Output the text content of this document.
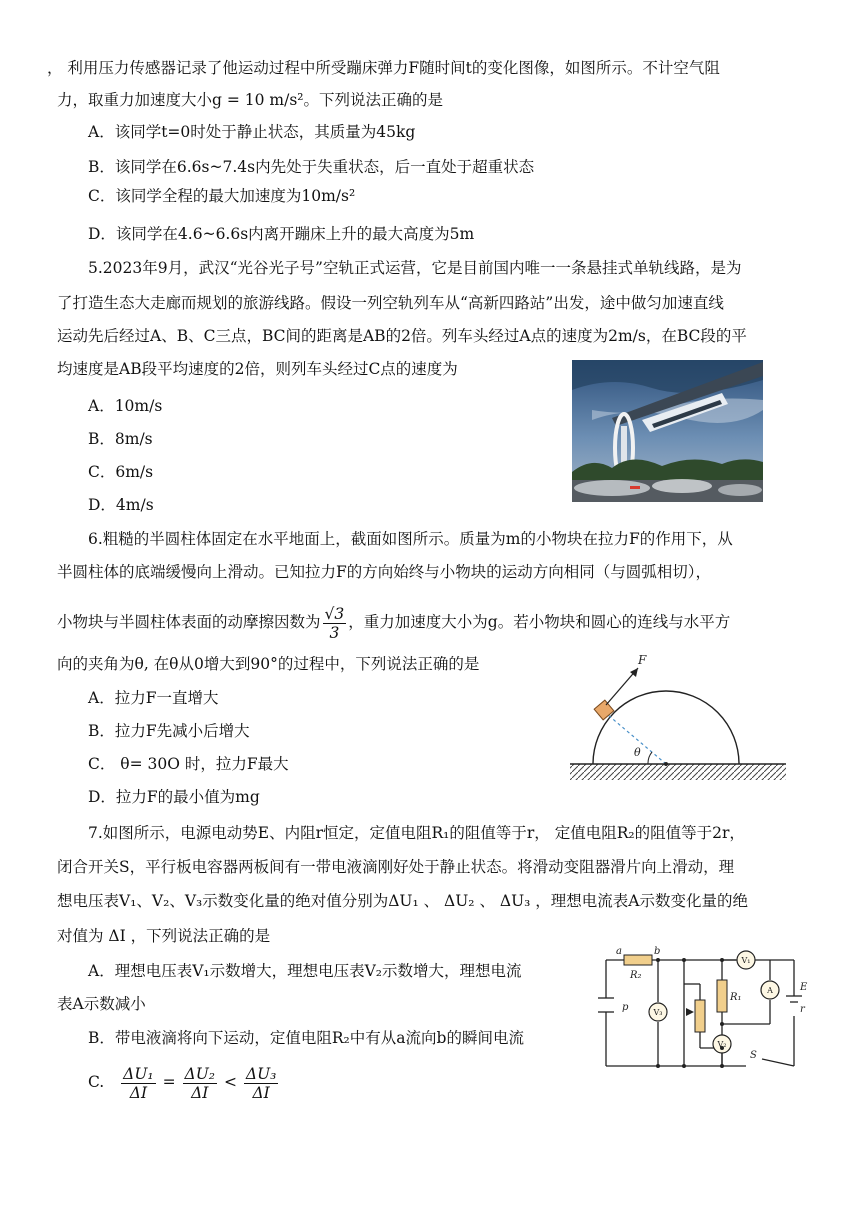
， 利用压力传感器记录了他运动过程中所受蹦床弹力F随时间t的变化图像，如图所示。不计空气阻
力，取重力加速度大小g = 10 m/s²。下列说法正确的是
A．该同学t=0时处于静止状态，其质量为45kg
B．该同学在6.6s~7.4s内先处于失重状态，后一直处于超重状态
C．该同学全程的最大加速度为10m/s²
D．该同学在4.6~6.6s内离开蹦床上升的最大高度为5m
5.2023年9月，武汉“光谷光子号”空轨正式运营，它是目前国内唯一一条悬挂式单轨线路，是为
了打造生态大走廊而规划的旅游线路。假设一列空轨列车从“高新四路站”出发，途中做匀加速直线
运动先后经过A、B、C三点，BC间的距离是AB的2倍。列车头经过A点的速度为2m/s，在BC段的平
均速度是AB段平均速度的2倍，则列车头经过C点的速度为
A．10m/s
B．8m/s
C．6m/s
D．4m/s
6.粗糙的半圆柱体固定在水平地面上，截面如图所示。质量为m的小物块在拉力F的作用下，从
半圆柱体的底端缓慢向上滑动。已知拉力F的方向始终与小物块的运动方向相同（与圆弧相切），
小物块与半圆柱体表面的动摩擦因数为 $\frac{√3}{3}$ ，重力加速度大小为g。若小物块和圆心的连线与水平方
向的夹角为θ, 在θ从0增大到90°的过程中，下列说法正确的是
A．拉力F一直增大
B．拉力F先减小后增大
C． θ= 30O 时，拉力F最大
D．拉力F的最小值为mg
F
θ
7.如图所示，电源电动势E、内阻r恒定，定值电阻R₁的阻值等于r， 定值电阻R₂的阻值等于2r，
闭合开关S，平行板电容器两板间有一带电液滴刚好处于静止状态。将滑动变阻器滑片向上滑动，理
想电压表V₁、V₂、V₃示数变化量的绝对值分别为ΔU₁ 、 ΔU₂ 、 ΔU₃ ，理想电流表A示数变化量的绝
对值为 ΔI ，下列说法正确的是
A．理想电压表V₁示数增大，理想电压表V₂示数增大，理想电流
表A示数减小
B．带电液滴将向下运动，定值电阻R₂中有从a流向b的瞬间电流
C. $\frac{\text{ΔU₁}}{\Delta I} = \frac{\text{ΔU₂}}{\Delta I} < \frac{\text{ΔU₃}}{\Delta I}$
a	b
R₂
R₁
p
E
r
S
V₃
V₁
A
V₂
